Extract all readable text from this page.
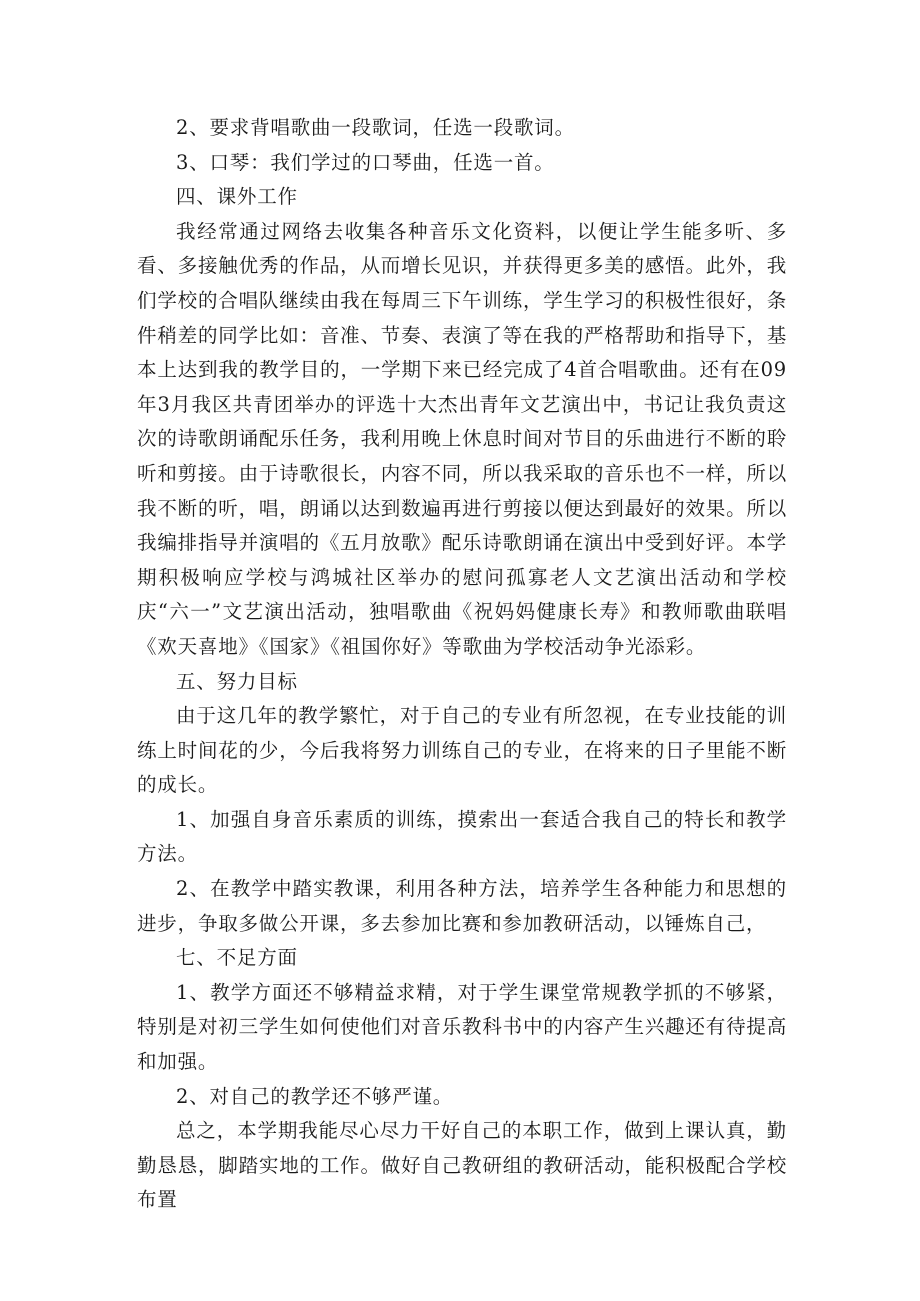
2、要求背唱歌曲一段歌词，任选一段歌词。

3、口琴：我们学过的口琴曲，任选一首。

四、课外工作

我经常通过网络去收集各种音乐文化资料，以便让学生能多听、多看、多接触优秀的作品，从而增长见识，并获得更多美的感悟。此外，我们学校的合唱队继续由我在每周三下午训练，学生学习的积极性很好，条件稍差的同学比如：音准、节奏、表演了等在我的严格帮助和指导下，基本上达到我的教学目的，一学期下来已经完成了4首合唱歌曲。还有在09年3月我区共青团举办的评选十大杰出青年文艺演出中，书记让我负责这次的诗歌朗诵配乐任务，我利用晚上休息时间对节目的乐曲进行不断的聆听和剪接。由于诗歌很长，内容不同，所以我采取的音乐也不一样，所以我不断的听，唱，朗诵以达到数遍再进行剪接以便达到最好的效果。所以我编排指导并演唱的《五月放歌》配乐诗歌朗诵在演出中受到好评。本学期积极响应学校与鸿城社区举办的慰问孤寡老人文艺演出活动和学校庆“六一”文艺演出活动，独唱歌曲《祝妈妈健康长寿》和教师歌曲联唱《欢天喜地》《国家》《祖国你好》等歌曲为学校活动争光添彩。

五、努力目标

由于这几年的教学繁忙，对于自己的专业有所忽视，在专业技能的训练上时间花的少，今后我将努力训练自己的专业，在将来的日子里能不断的成长。

1、加强自身音乐素质的训练，摸索出一套适合我自己的特长和教学方法。

2、在教学中踏实教课，利用各种方法，培养学生各种能力和思想的进步，争取多做公开课，多去参加比赛和参加教研活动，以锤炼自己，

七、不足方面

1、教学方面还不够精益求精，对于学生课堂常规教学抓的不够紧，特别是对初三学生如何使他们对音乐教科书中的内容产生兴趣还有待提高和加强。

2、对自己的教学还不够严谨。

总之，本学期我能尽心尽力干好自己的本职工作，做到上课认真，勤勤恳恳，脚踏实地的工作。做好自己教研组的教研活动，能积极配合学校布置
